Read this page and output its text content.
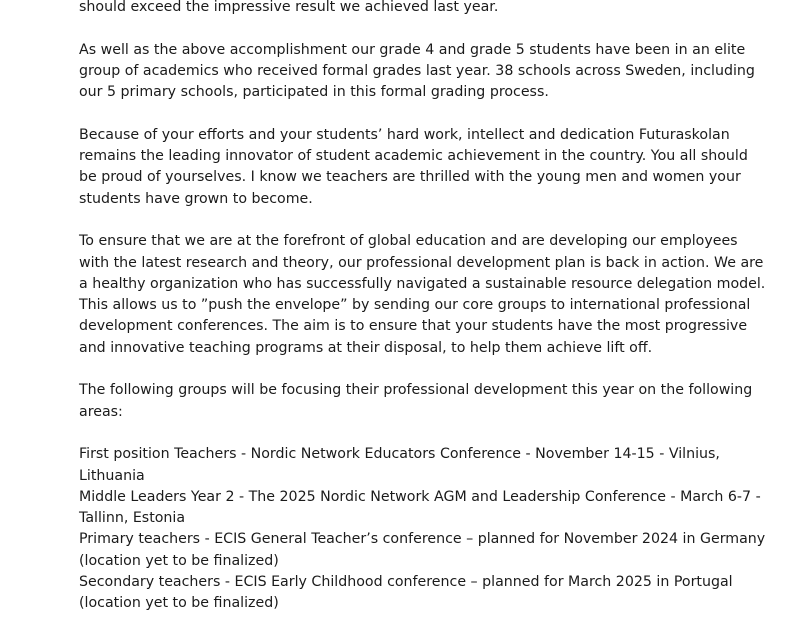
should exceed the impressive result we achieved last year.

As well as the above accomplishment our grade 4 and grade 5 students have been in an elite group of academics who received formal grades last year. 38 schools across Sweden, including our 5 primary schools, participated in this formal grading process.

Because of your efforts and your students’ hard work, intellect and dedication Futuraskolan remains the leading innovator of student academic achievement in the country. You all should be proud of yourselves. I know we teachers are thrilled with the young men and women your students have grown to become.

To ensure that we are at the forefront of global education and are developing our employees with the latest research and theory, our professional development plan is back in action. We are a healthy organization who has successfully navigated a sustainable resource delegation model. This allows us to ”push the envelope” by sending our core groups to international professional development conferences. The aim is to ensure that your students have the most progressive and innovative teaching programs at their disposal, to help them achieve lift off.

The following groups will be focusing their professional development this year on the following areas:

First position Teachers - Nordic Network Educators Conference - November 14-15 - Vilnius, Lithuania

Middle Leaders Year 2 - The 2025 Nordic Network AGM and Leadership Conference - March 6-7 - Tallinn, Estonia

Primary teachers - ECIS General Teacher’s conference – planned for November 2024 in Germany (location yet to be finalized)

Secondary teachers - ECIS Early Childhood conference – planned for March 2025 in Portugal (location yet to be finalized)
